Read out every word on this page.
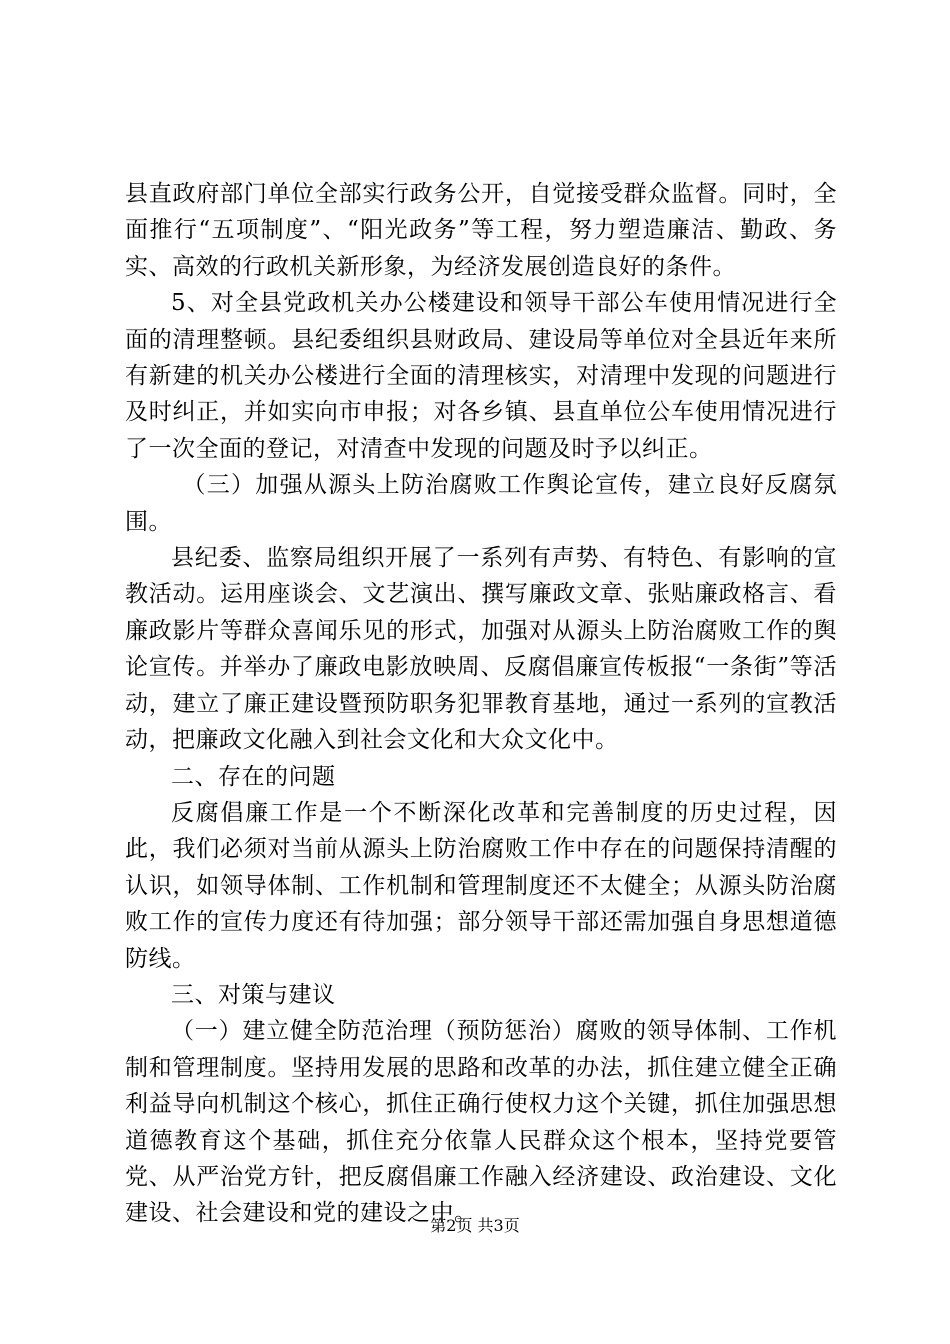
县直政府部门单位全部实行政务公开，自觉接受群众监督。同时，全面推行“五项制度”、“阳光政务”等工程，努力塑造廉洁、勤政、务实、高效的行政机关新形象，为经济发展创造良好的条件。

5、对全县党政机关办公楼建设和领导干部公车使用情况进行全面的清理整顿。县纪委组织县财政局、建设局等单位对全县近年来所有新建的机关办公楼进行全面的清理核实，对清理中发现的问题进行及时纠正，并如实向市申报；对各乡镇、县直单位公车使用情况进行了一次全面的登记，对清查中发现的问题及时予以纠正。

（三）加强从源头上防治腐败工作舆论宣传，建立良好反腐氛围。

县纪委、监察局组织开展了一系列有声势、有特色、有影响的宣教活动。运用座谈会、文艺演出、撰写廉政文章、张贴廉政格言、看廉政影片等群众喜闻乐见的形式，加强对从源头上防治腐败工作的舆论宣传。并举办了廉政电影放映周、反腐倡廉宣传板报“一条街”等活动，建立了廉正建设暨预防职务犯罪教育基地，通过一系列的宣教活动，把廉政文化融入到社会文化和大众文化中。

二、存在的问题

反腐倡廉工作是一个不断深化改革和完善制度的历史过程，因此，我们必须对当前从源头上防治腐败工作中存在的问题保持清醒的认识，如领导体制、工作机制和管理制度还不太健全；从源头防治腐败工作的宣传力度还有待加强；部分领导干部还需加强自身思想道德防线。

三、对策与建议

（一）建立健全防范治理（预防惩治）腐败的领导体制、工作机制和管理制度。坚持用发展的思路和改革的办法，抓住建立健全正确利益导向机制这个核心，抓住正确行使权力这个关键，抓住加强思想道德教育这个基础，抓住充分依靠人民群众这个根本，坚持党要管党、从严治党方针，把反腐倡廉工作融入经济建设、政治建设、文化建设、社会建设和党的建设之中。

第2页 共3页
